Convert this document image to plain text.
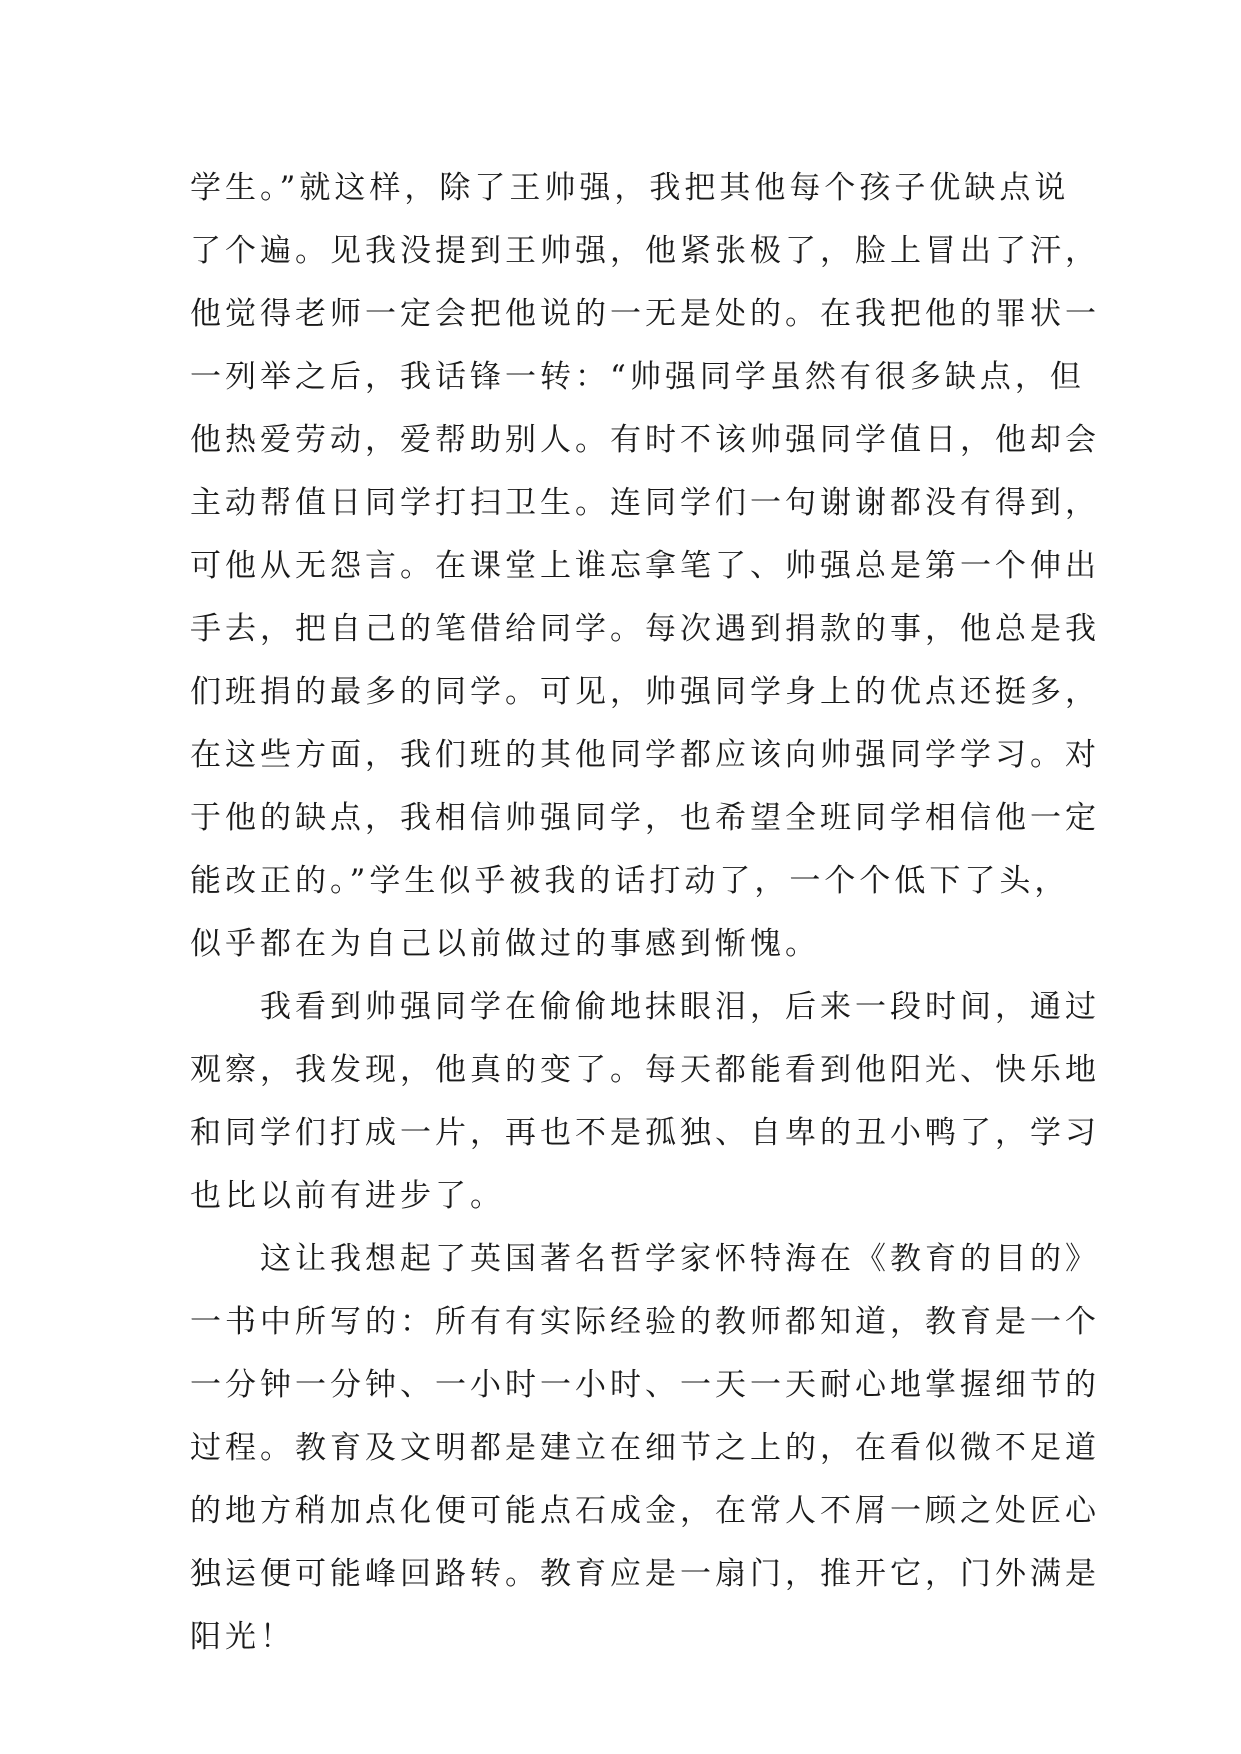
学生。”就这样，除了王帅强，我把其他每个孩子优缺点说
了个遍。见我没提到王帅强，他紧张极了，脸上冒出了汗，
他觉得老师一定会把他说的一无是处的。在我把他的罪状一
一列举之后，我话锋一转：“帅强同学虽然有很多缺点，但
他热爱劳动，爱帮助别人。有时不该帅强同学值日，他却会
主动帮值日同学打扫卫生。连同学们一句谢谢都没有得到，
可他从无怨言。在课堂上谁忘拿笔了、帅强总是第一个伸出
手去，把自己的笔借给同学。每次遇到捐款的事，他总是我
们班捐的最多的同学。可见，帅强同学身上的优点还挺多，
在这些方面，我们班的其他同学都应该向帅强同学学习。对
于他的缺点，我相信帅强同学，也希望全班同学相信他一定
能改正的。”学生似乎被我的话打动了，一个个低下了头，
似乎都在为自己以前做过的事感到惭愧。
　　我看到帅强同学在偷偷地抹眼泪，后来一段时间，通过
观察，我发现，他真的变了。每天都能看到他阳光、快乐地
和同学们打成一片，再也不是孤独、自卑的丑小鸭了，学习
也比以前有进步了。
　　这让我想起了英国著名哲学家怀特海在《教育的目的》
一书中所写的：所有有实际经验的教师都知道，教育是一个
一分钟一分钟、一小时一小时、一天一天耐心地掌握细节的
过程。教育及文明都是建立在细节之上的，在看似微不足道
的地方稍加点化便可能点石成金，在常人不屑一顾之处匠心
独运便可能峰回路转。教育应是一扇门，推开它，门外满是
阳光！
